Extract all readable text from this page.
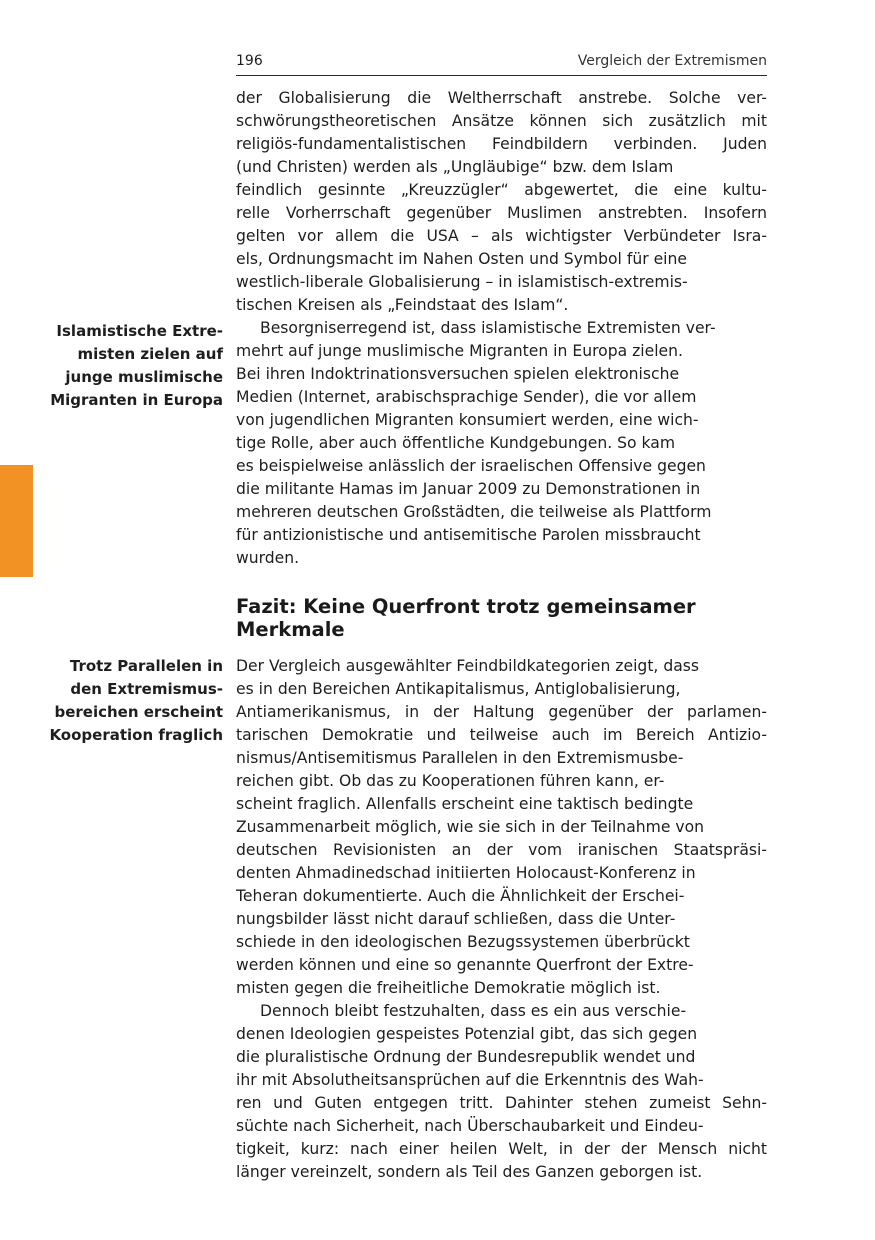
196	Vergleich der Extremismen
der Globalisierung die Weltherrschaft anstrebe. Solche ver-
schwörungstheoretischen Ansätze können sich zusätzlich mit
religiös-fundamentalistischen Feindbildern verbinden. Juden
(und Christen) werden als „Ungläubige“ bzw. dem Islam
feindlich gesinnte „Kreuzzügler“ abgewertet, die eine kultu-
relle Vorherrschaft gegenüber Muslimen anstrebten. Insofern
gelten vor allem die USA – als wichtigster Verbündeter Isra-
els, Ordnungsmacht im Nahen Osten und Symbol für eine
westlich-liberale Globalisierung – in islamistisch-extremis-
tischen Kreisen als „Feindstaat des Islam“.
Besorgniserregend ist, dass islamistische Extremisten ver-
mehrt auf junge muslimische Migranten in Europa zielen.
Bei ihren Indoktrinationsversuchen spielen elektronische
Medien (Internet, arabischsprachige Sender), die vor allem
von jugendlichen Migranten konsumiert werden, eine wich-
tige Rolle, aber auch öffentliche Kundgebungen. So kam
es beispielweise anlässlich der israelischen Offensive gegen
die militante Hamas im Januar 2009 zu Demonstrationen in
mehreren deutschen Großstädten, die teilweise als Plattform
für antizionistische und antisemitische Parolen missbraucht
wurden.
Islamistische Extre-
misten zielen auf
junge muslimische
Migranten in Europa
Fazit: Keine Querfront trotz gemeinsamer
Merkmale
Trotz Parallelen in
den Extremismus-
bereichen erscheint
Kooperation fraglich
Der Vergleich ausgewählter Feindbildkategorien zeigt, dass
es in den Bereichen Antikapitalismus, Antiglobalisierung,
Antiamerikanismus, in der Haltung gegenüber der parlamen-
tarischen Demokratie und teilweise auch im Bereich Antizio-
nismus/Antisemitismus Parallelen in den Extremismusbe-
reichen gibt. Ob das zu Kooperationen führen kann, er-
scheint fraglich. Allenfalls erscheint eine taktisch bedingte
Zusammenarbeit möglich, wie sie sich in der Teilnahme von
deutschen Revisionisten an der vom iranischen Staatspräsi-
denten Ahmadinedschad initiierten Holocaust-Konferenz in
Teheran dokumentierte. Auch die Ähnlichkeit der Erschei-
nungsbilder lässt nicht darauf schließen, dass die Unter-
schiede in den ideologischen Bezugssystemen überbrückt
werden können und eine so genannte Querfront der Extre-
misten gegen die freiheitliche Demokratie möglich ist.
Dennoch bleibt festzuhalten, dass es ein aus verschie-
denen Ideologien gespeistes Potenzial gibt, das sich gegen
die pluralistische Ordnung der Bundesrepublik wendet und
ihr mit Absolutheitsansprüchen auf die Erkenntnis des Wah-
ren und Guten entgegen tritt. Dahinter stehen zumeist Sehn-
süchte nach Sicherheit, nach Überschaubarkeit und Eindeu-
tigkeit, kurz: nach einer heilen Welt, in der der Mensch nicht
länger vereinzelt, sondern als Teil des Ganzen geborgen ist.
